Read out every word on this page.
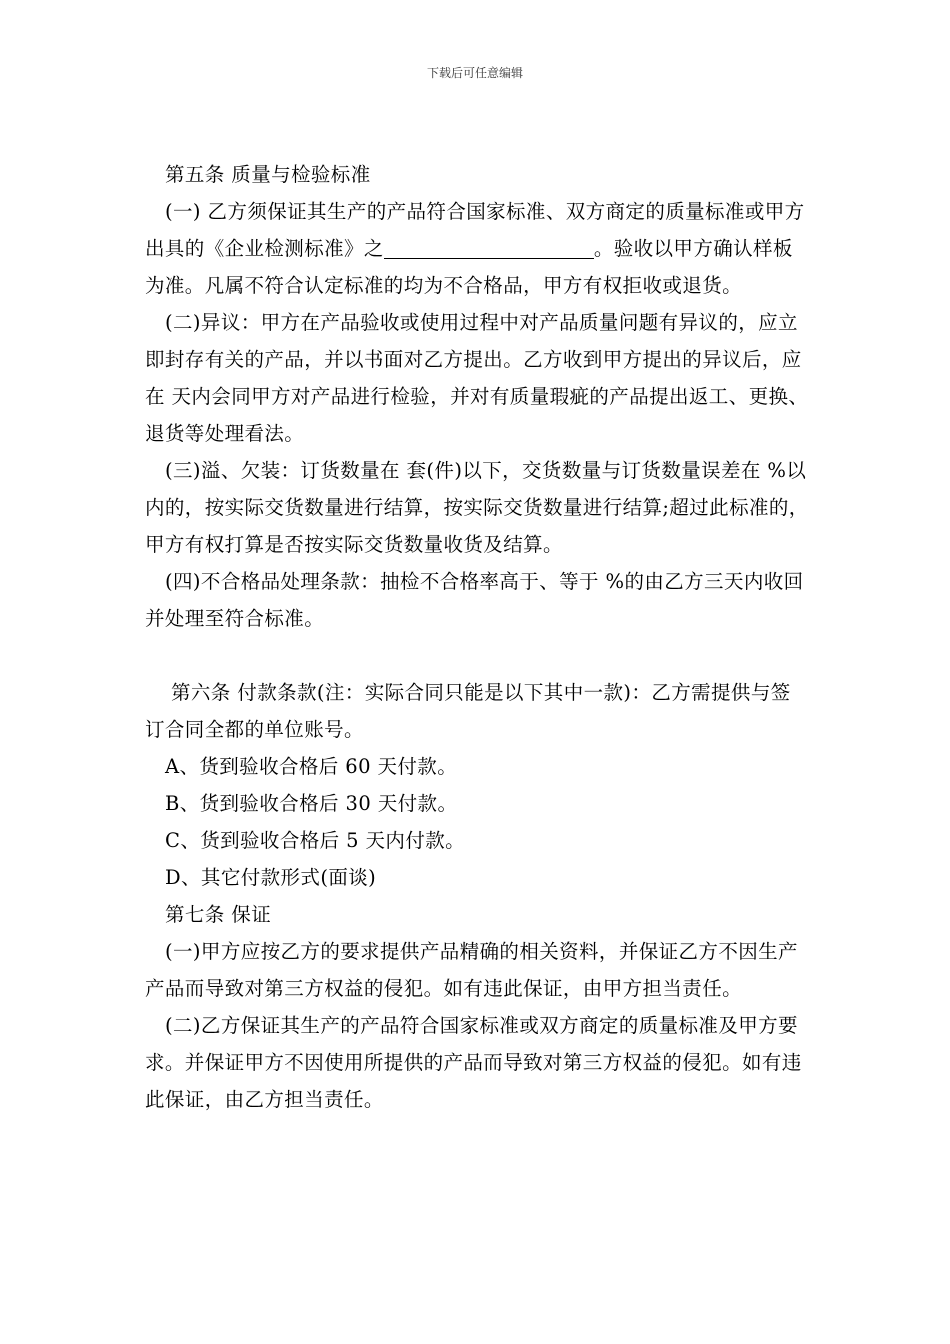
下载后可任意编辑

第五条 质量与检验标准

(一) 乙方须保证其生产的产品符合国家标准、双方商定的质量标准或甲方出具的《企业检测标准》之	。验收以甲方确认样板为准。凡属不符合认定标准的均为不合格品，甲方有权拒收或退货。

(二)异议：甲方在产品验收或使用过程中对产品质量问题有异议的，应立即封存有关的产品，并以书面对乙方提出。乙方收到甲方提出的异议后，应在 天内会同甲方对产品进行检验，并对有质量瑕疵的产品提出返工、更换、退货等处理看法。

(三)溢、欠装：订货数量在 套(件)以下，交货数量与订货数量误差在 %以内的，按实际交货数量进行结算，按实际交货数量进行结算;超过此标准的，甲方有权打算是否按实际交货数量收货及结算。

(四)不合格品处理条款：抽检不合格率高于、等于 %的由乙方三天内收回并处理至符合标准。

第六条 付款条款(注：实际合同只能是以下其中一款)：乙方需提供与签订合同全都的单位账号。

A、货到验收合格后 60 天付款。

B、货到验收合格后 30 天付款。

C、货到验收合格后 5 天内付款。

D、其它付款形式(面谈)

第七条 保证

(一)甲方应按乙方的要求提供产品精确的相关资料，并保证乙方不因生产产品而导致对第三方权益的侵犯。如有违此保证，由甲方担当责任。

(二)乙方保证其生产的产品符合国家标准或双方商定的质量标准及甲方要求。并保证甲方不因使用所提供的产品而导致对第三方权益的侵犯。如有违此保证，由乙方担当责任。
